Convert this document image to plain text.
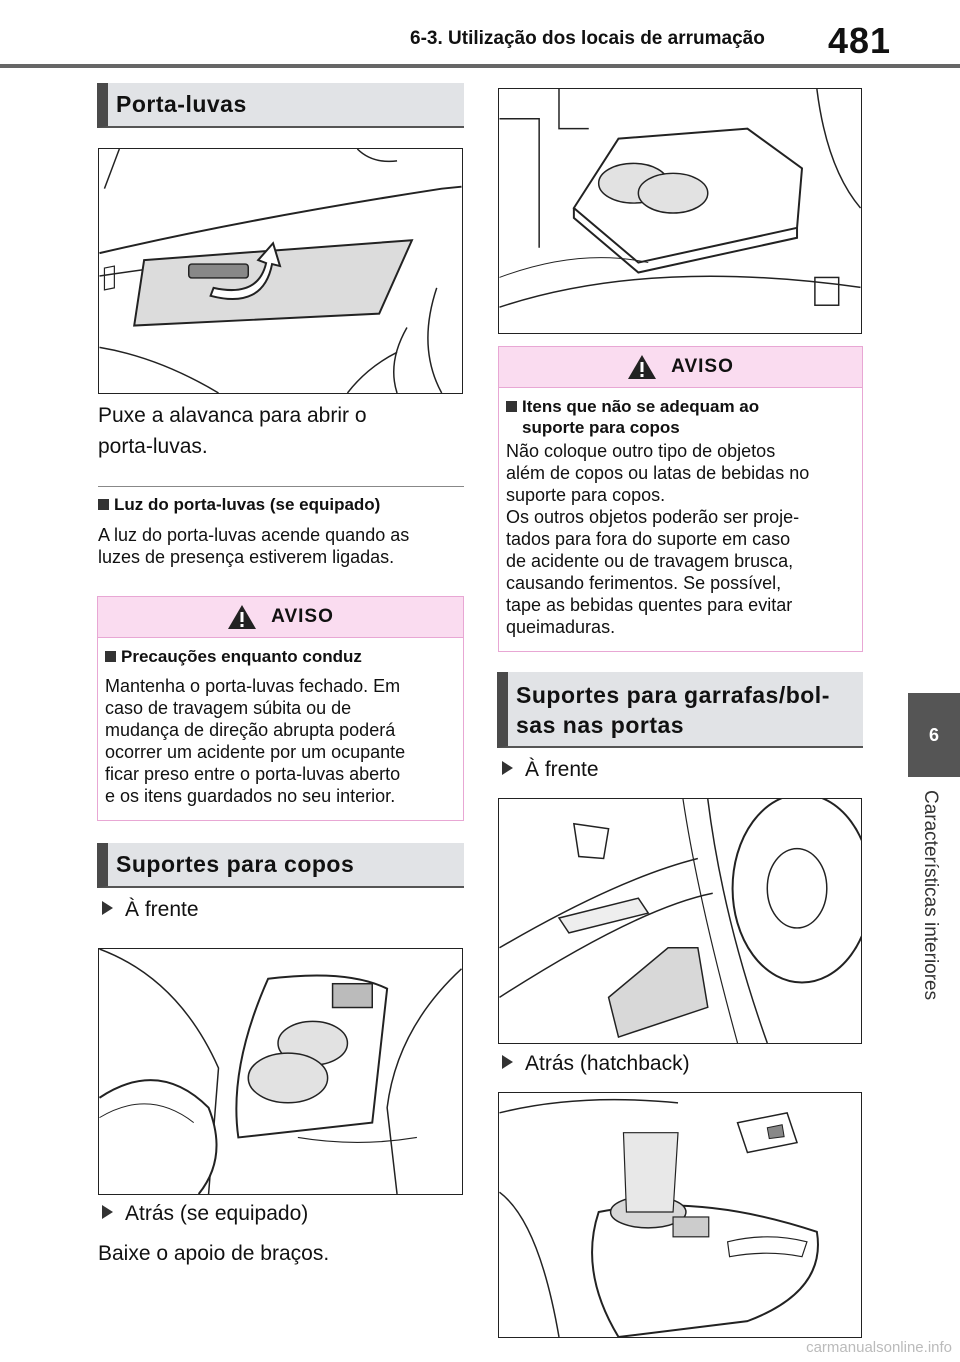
6-3. Utilização dos locais de arrumação 481
6
Características interiores
Porta-luvas
Puxe a alavanca para abrir o
porta-luvas.
Luz do porta-luvas (se equipado)
A luz do porta-luvas acende quando as
luzes de presença estiverem ligadas.
AVISO
Precauções enquanto conduz
Mantenha o porta-luvas fechado. Em
caso de travagem súbita ou de
mudança de direção abrupta poderá
ocorrer um acidente por um ocupante
ficar preso entre o porta-luvas aberto
e os itens guardados no seu interior.
Suportes para copos
À frente
Atrás (se equipado)
Baixe o apoio de braços.
AVISO
Itens que não se adequam ao
suporte para copos
Não coloque outro tipo de objetos
além de copos ou latas de bebidas no
suporte para copos.
Os outros objetos poderão ser proje-
tados para fora do suporte em caso
de acidente ou de travagem brusca,
causando ferimentos. Se possível,
tape as bebidas quentes para evitar
queimaduras.
Suportes para garrafas/bol-
sas nas portas
À frente
Atrás (hatchback)
carmanualsonline.info
